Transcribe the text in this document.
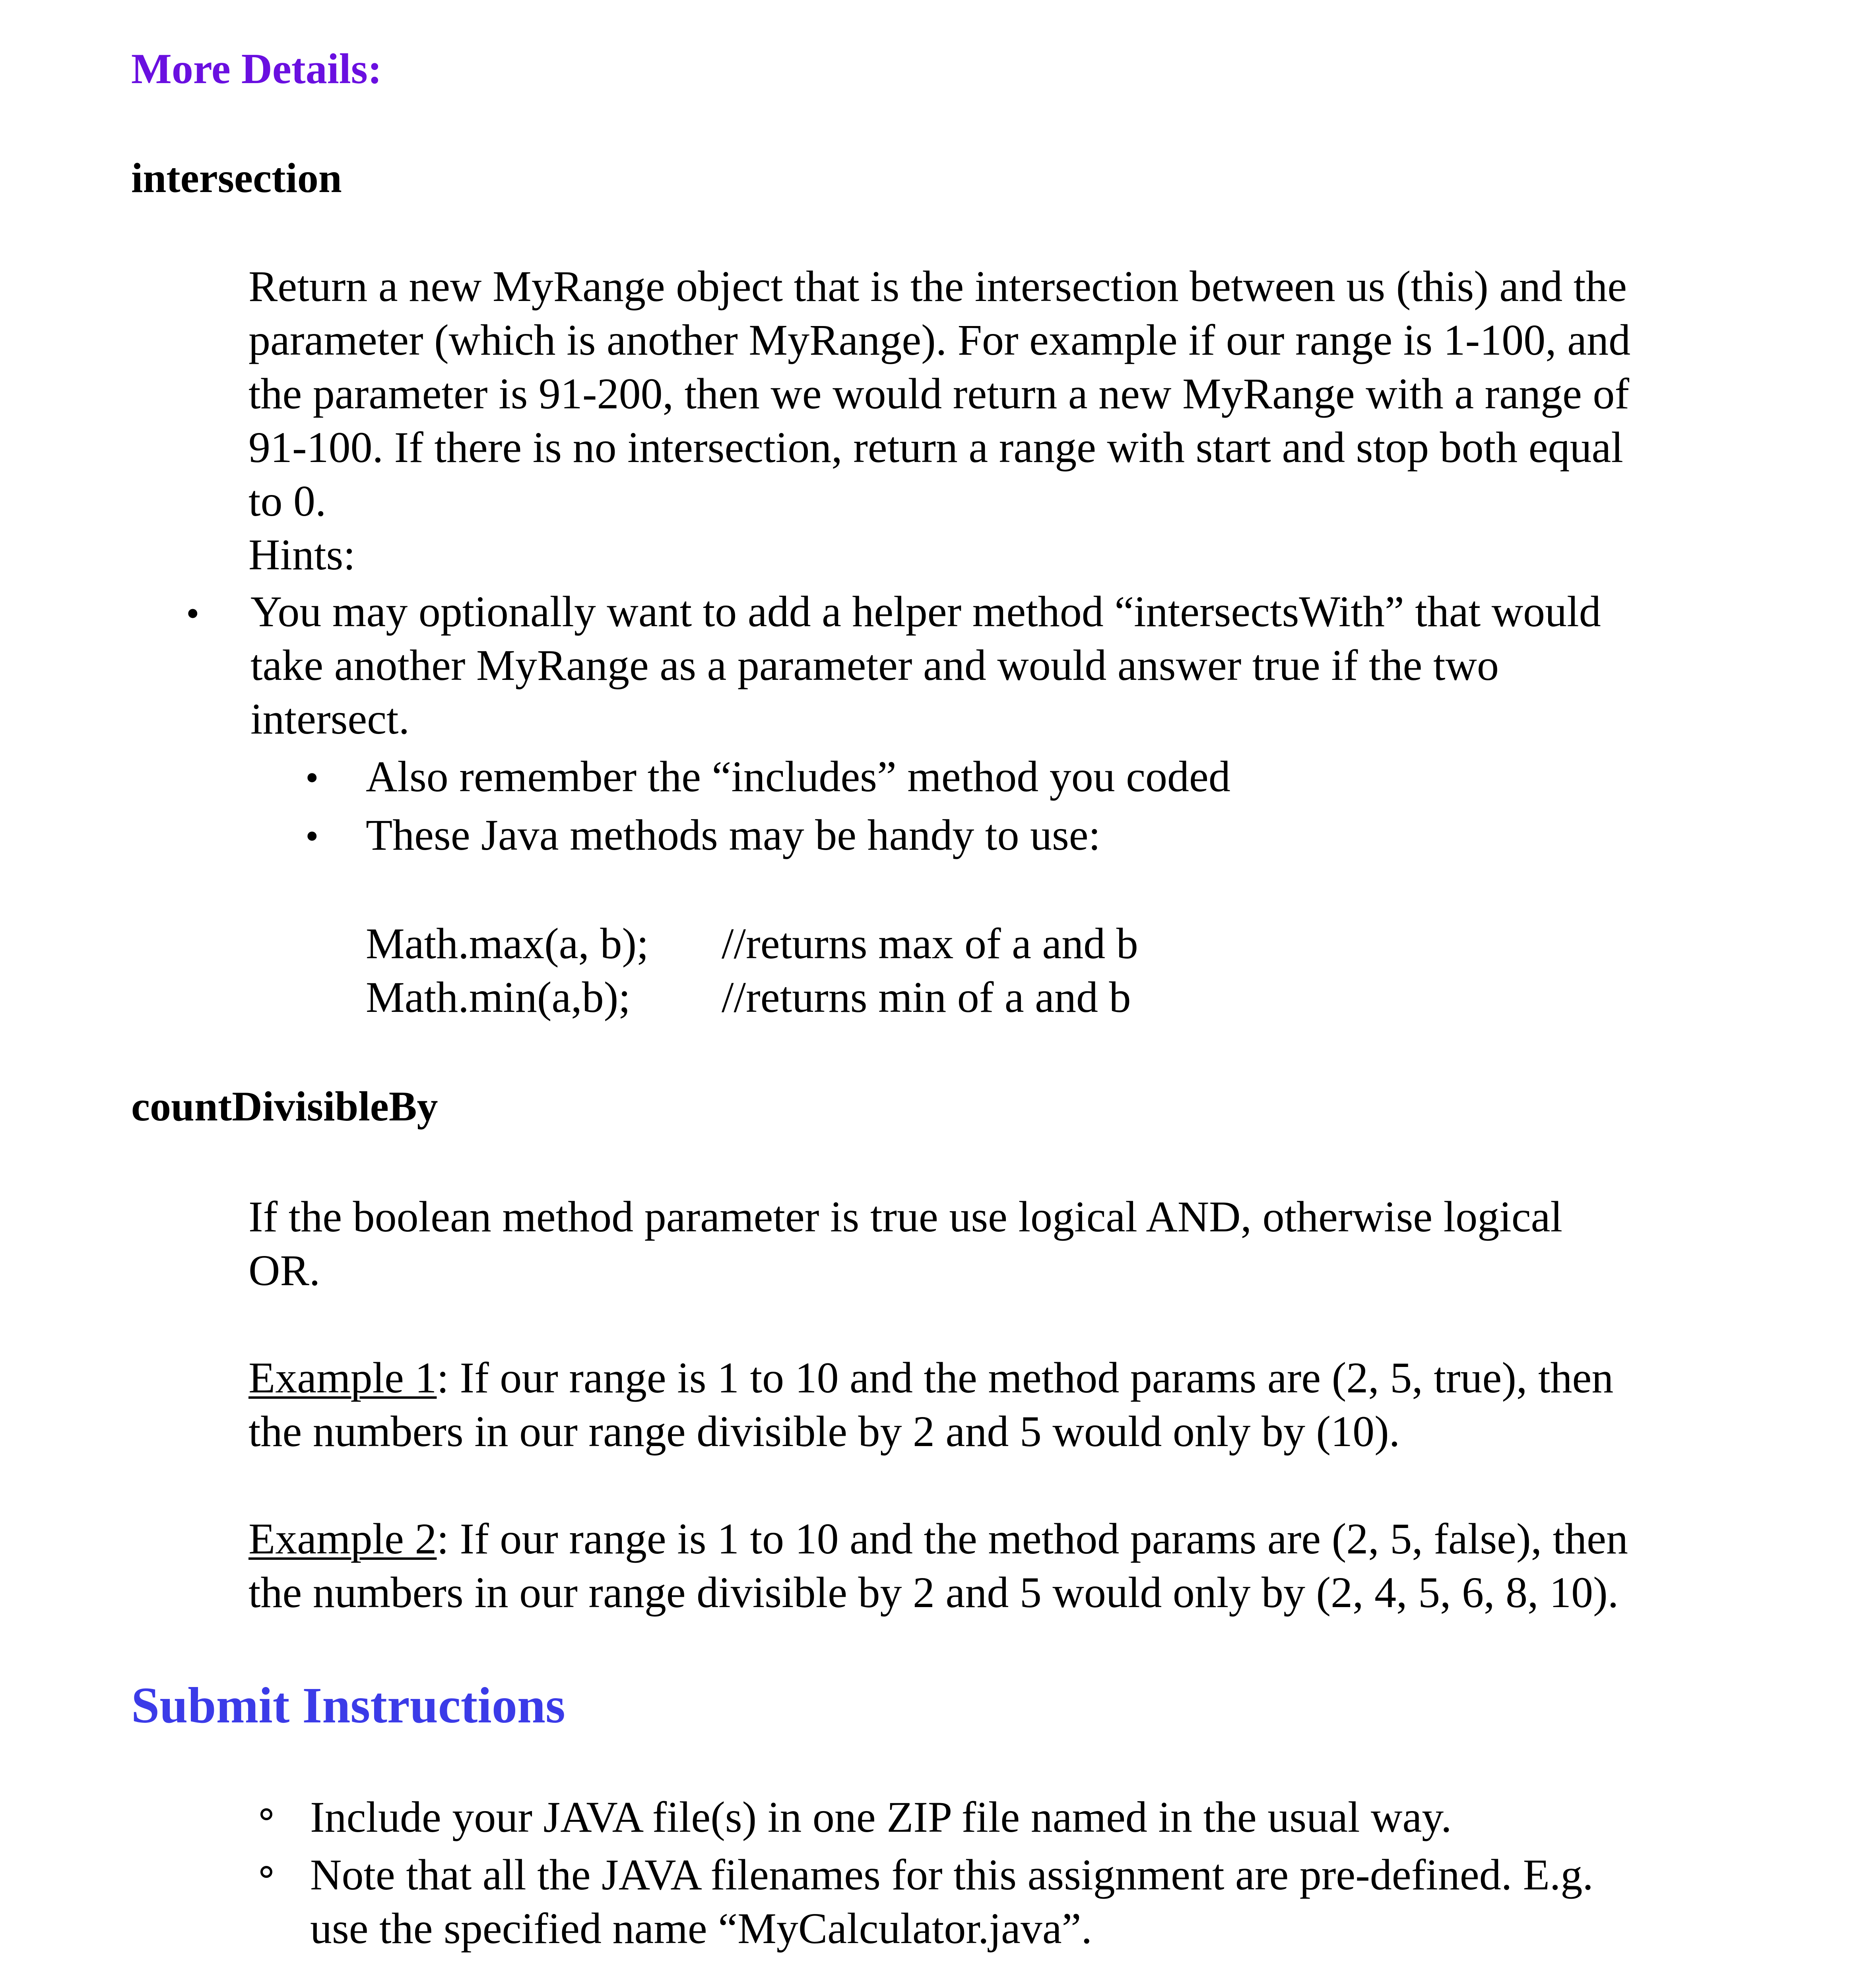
More Details:
intersection

Return a new MyRange object that is the intersection between us (this) and the

parameter (which is another MyRange). For example if our range is 1-100, and

the parameter is 91-200, then we would return a new MyRange with a range of

91-100. If there is no intersection, return a range with start and stop both equal

to 0.

Hints:

• You may optionally want to add a helper method “intersectsWith” that would

take another MyRange as a parameter and would answer true if the two

intersect.

• Also remember the “includes” method you coded

• These Java methods may be handy to use:

Math.max(a, b); //returns max of a and b

Math.min(a,b); //returns min of a and b

countDivisibleBy

If the boolean method parameter is true use logical AND, otherwise logical

OR.

Example 1: If our range is 1 to 10 and the method params are (2, 5, true), then

the numbers in our range divisible by 2 and 5 would only by (10).

Example 2: If our range is 1 to 10 and the method params are (2, 5, false), then

the numbers in our range divisible by 2 and 5 would only by (2, 4, 5, 6, 8, 10).

Submit Instructions

Include your JAVA file(s) in one ZIP file named in the usual way.

Note that all the JAVA filenames for this assignment are pre-defined. E.g.

use the specified name “MyCalculator.java”.
